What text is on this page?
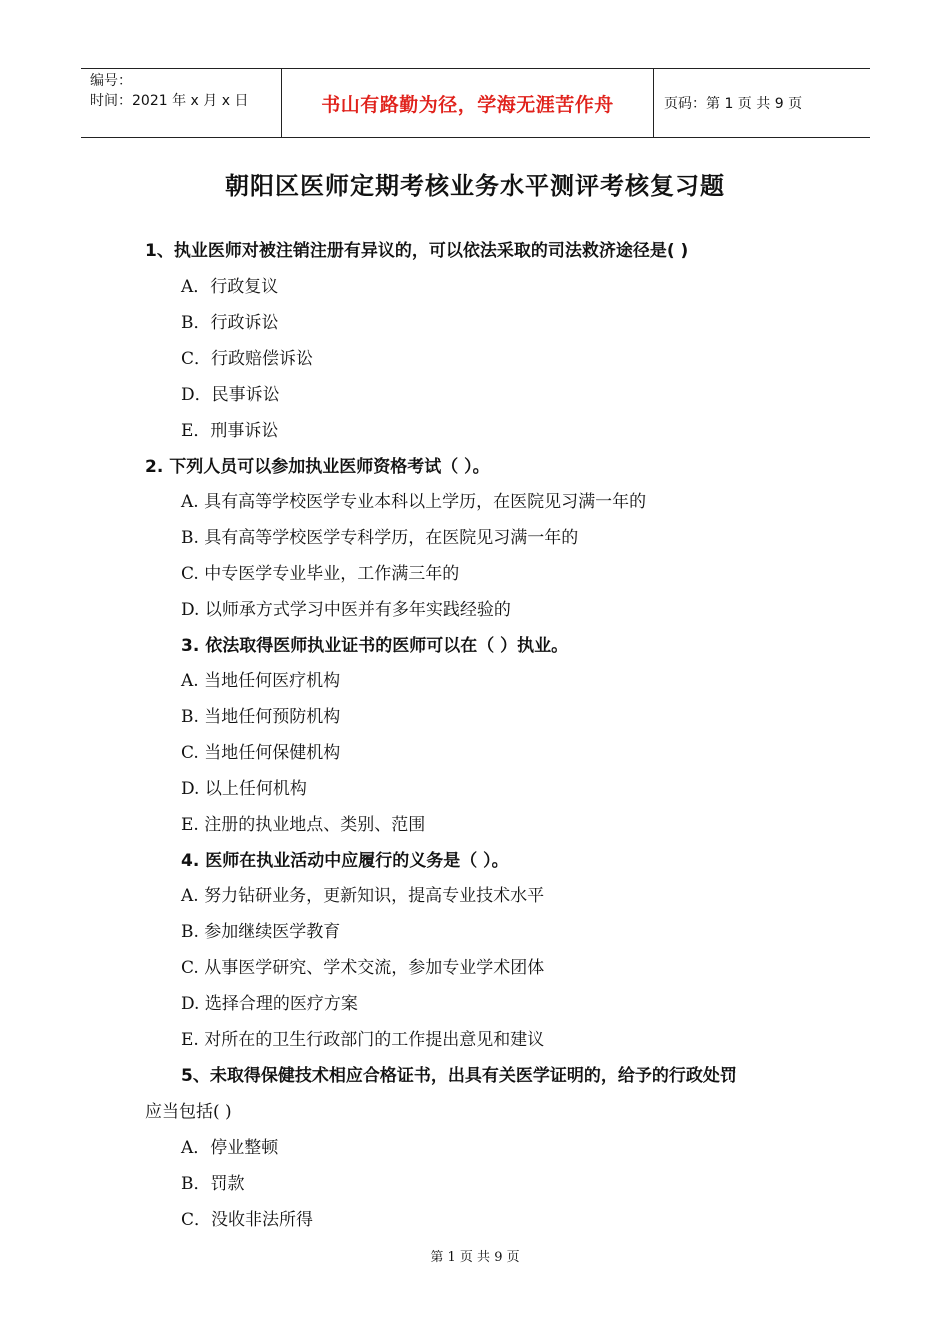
编号：
时间：2021 年 x 月 x 日	书山有路勤为径，学海无涯苦作舟	页码：第 1 页 共 9 页
朝阳区医师定期考核业务水平测评考核复习题
1、执业医师对被注销注册有异议的，可以依法采取的司法救济途径是( )
A．行政复议
B．行政诉讼
C．行政赔偿诉讼
D．民事诉讼
E．刑事诉讼
2. 下列人员可以参加执业医师资格考试（ ）。
A. 具有高等学校医学专业本科以上学历，在医院见习满一年的
B. 具有高等学校医学专科学历，在医院见习满一年的
C. 中专医学专业毕业，工作满三年的
D. 以师承方式学习中医并有多年实践经验的
3. 依法取得医师执业证书的医师可以在（ ）执业。
A. 当地任何医疗机构
B. 当地任何预防机构
C. 当地任何保健机构
D. 以上任何机构
E. 注册的执业地点、类别、范围
4. 医师在执业活动中应履行的义务是（ ）。
A. 努力钻研业务，更新知识，提高专业技术水平
B. 参加继续医学教育
C. 从事医学研究、学术交流，参加专业学术团体
D. 选择合理的医疗方案
E. 对所在的卫生行政部门的工作提出意见和建议
5、未取得保健技术相应合格证书，出具有关医学证明的，给予的行政处罚
应当包括( )
A．停业整顿
B．罚款
C．没收非法所得
第 1 页 共 9 页
